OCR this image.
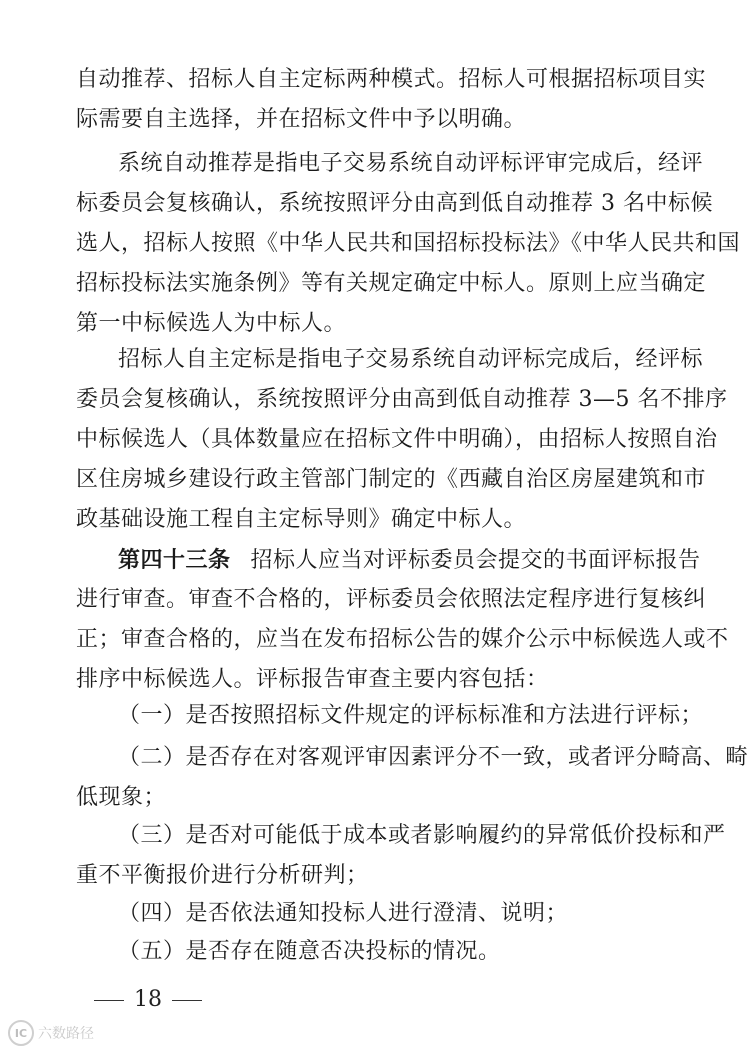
自动推荐、招标人自主定标两种模式。招标人可根据招标项目实
际需要自主选择，并在招标文件中予以明确。
系统自动推荐是指电子交易系统自动评标评审完成后，经评
标委员会复核确认，系统按照评分由高到低自动推荐 3 名中标候
选人，招标人按照《中华人民共和国招标投标法》《中华人民共和国
招标投标法实施条例》等有关规定确定中标人。原则上应当确定
第一中标候选人为中标人。
招标人自主定标是指电子交易系统自动评标完成后，经评标
委员会复核确认，系统按照评分由高到低自动推荐 3—5 名不排序
中标候选人（具体数量应在招标文件中明确），由招标人按照自治
区住房城乡建设行政主管部门制定的《西藏自治区房屋建筑和市
政基础设施工程自主定标导则》确定中标人。
第四十三条 招标人应当对评标委员会提交的书面评标报告
进行审查。审查不合格的，评标委员会依照法定程序进行复核纠
正；审查合格的，应当在发布招标公告的媒介公示中标候选人或不
排序中标候选人。评标报告审查主要内容包括：
（一）是否按照招标文件规定的评标标准和方法进行评标；
（二）是否存在对客观评审因素评分不一致，或者评分畸高、畸
低现象；
（三）是否对可能低于成本或者影响履约的异常低价投标和严
重不平衡报价进行分析研判；
（四）是否依法通知投标人进行澄清、说明；
（五）是否存在随意否决投标的情况。
18
IC 六数路径
